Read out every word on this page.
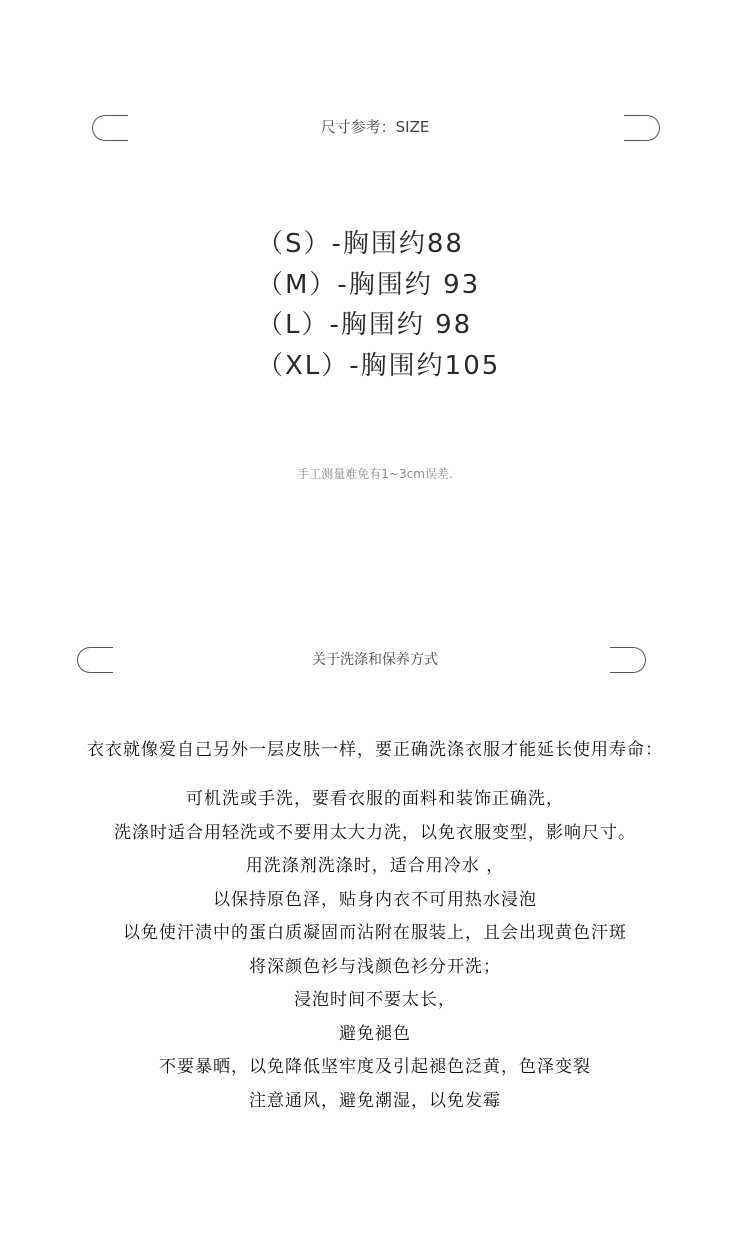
尺寸参考：SIZE
（S）-胸围约88
（M）-胸围约 93
（L）-胸围约 98
（XL）-胸围约105
手工测量难免有1~3cm误差.
关于洗涤和保养方式
衣衣就像爱自己另外一层皮肤一样，要正确洗涤衣服才能延长使用寿命：
可机洗或手洗，要看衣服的面料和装饰正确洗，
洗涤时适合用轻洗或不要用太大力洗，以免衣服变型，影响尺寸。
用洗涤剂洗涤时，适合用冷水 ，
以保持原色泽，贴身内衣不可用热水浸泡
以免使汗渍中的蛋白质凝固而沾附在服装上，且会出现黄色汗斑
将深颜色衫与浅颜色衫分开洗；
浸泡时间不要太长，
避免褪色
不要暴晒，以免降低坚牢度及引起褪色泛黄，色泽变裂
注意通风，避免潮湿，以免发霉
